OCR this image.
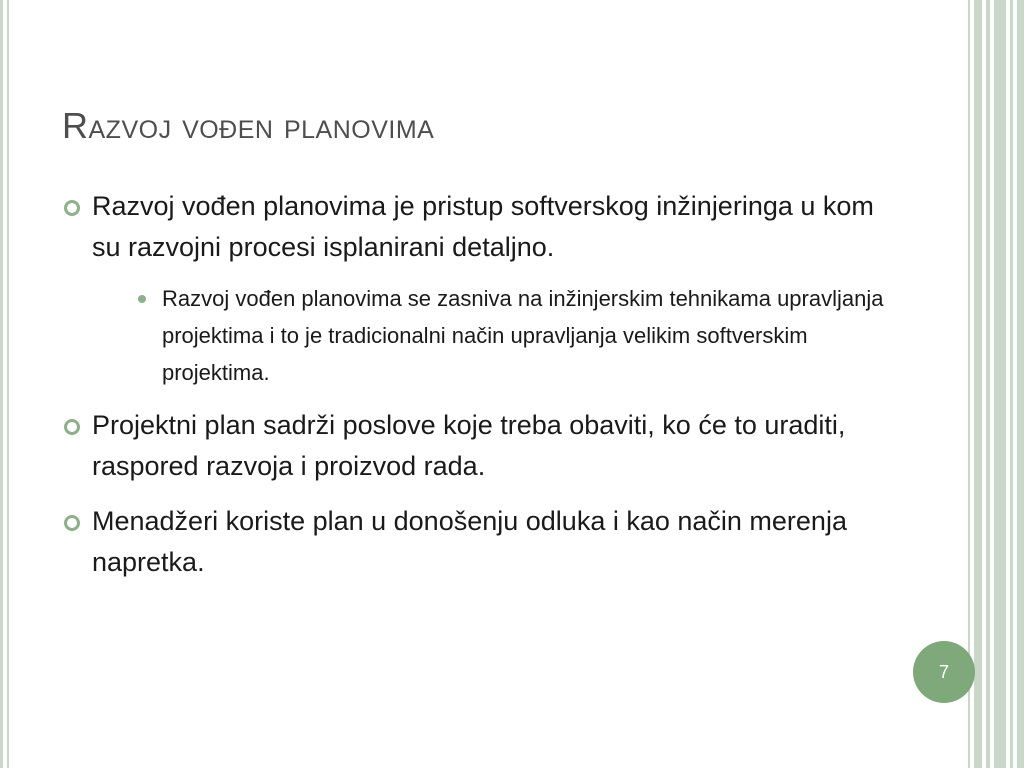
Razvoj vođen planovima
Razvoj vođen planovima je pristup softverskog inžinjeringa u kom su razvojni procesi isplanirani detaljno.
Razvoj vođen planovima se zasniva na inžinjerskim tehnikama upravljanja projektima i to je tradicionalni način upravljanja velikim softverskim projektima.
Projektni plan sadrži poslove koje treba obaviti, ko će to uraditi, raspored razvoja i proizvod rada.
Menadžeri koriste plan u donošenju odluka i kao način merenja napretka.
7
